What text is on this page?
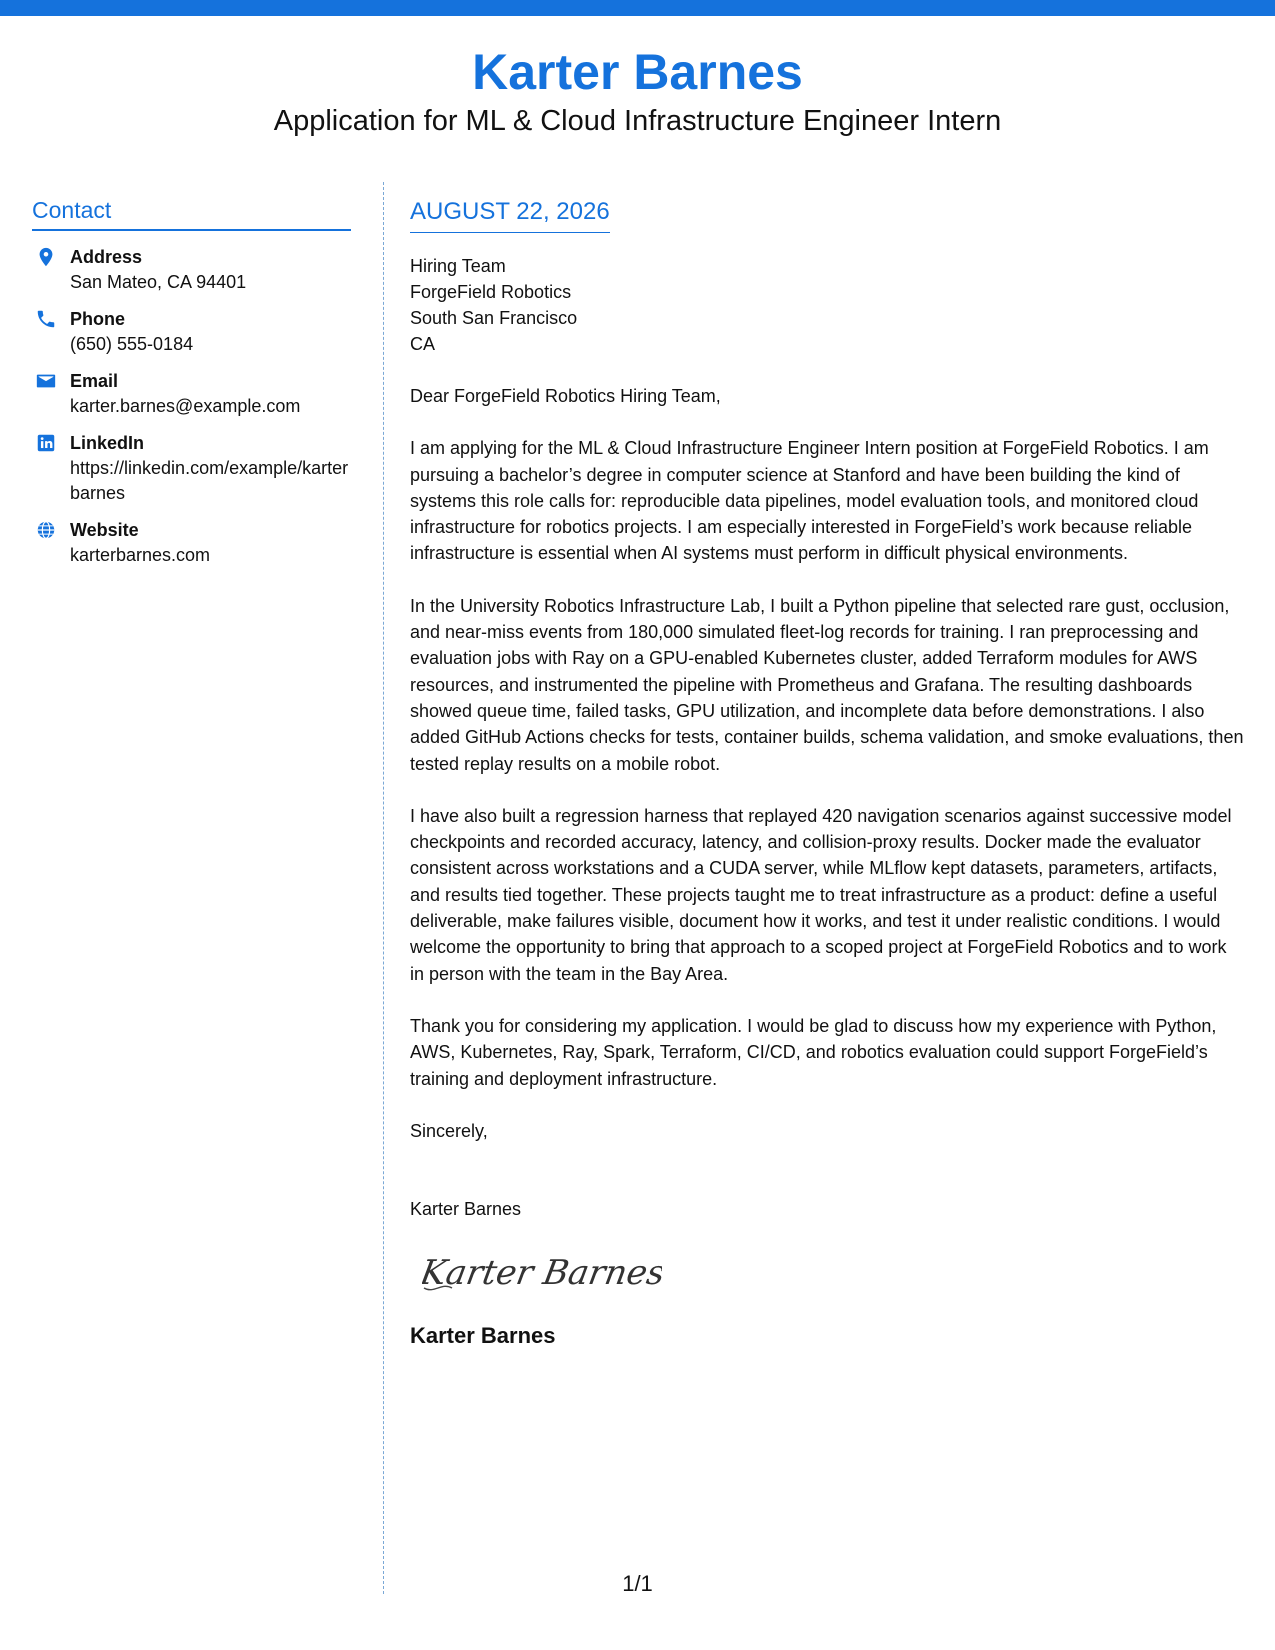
Karter Barnes
Application for ML & Cloud Infrastructure Engineer Intern
Contact
Address
San Mateo, CA 94401
Phone
(650) 555-0184
Email
karter.barnes@example.com
LinkedIn
https://linkedin.com/example/karterbarnes
Website
karterbarnes.com
AUGUST 22, 2026
Hiring Team
ForgeField Robotics
South San Francisco
CA
Dear ForgeField Robotics Hiring Team,
I am applying for the ML & Cloud Infrastructure Engineer Intern position at ForgeField Robotics. I am pursuing a bachelor’s degree in computer science at Stanford and have been building the kind of systems this role calls for: reproducible data pipelines, model evaluation tools, and monitored cloud infrastructure for robotics projects. I am especially interested in ForgeField’s work because reliable infrastructure is essential when AI systems must perform in difficult physical environments.
In the University Robotics Infrastructure Lab, I built a Python pipeline that selected rare gust, occlusion, and near-miss events from 180,000 simulated fleet-log records for training. I ran preprocessing and evaluation jobs with Ray on a GPU-enabled Kubernetes cluster, added Terraform modules for AWS resources, and instrumented the pipeline with Prometheus and Grafana. The resulting dashboards showed queue time, failed tasks, GPU utilization, and incomplete data before demonstrations. I also added GitHub Actions checks for tests, container builds, schema validation, and smoke evaluations, then tested replay results on a mobile robot.
I have also built a regression harness that replayed 420 navigation scenarios against successive model checkpoints and recorded accuracy, latency, and collision-proxy results. Docker made the evaluator consistent across workstations and a CUDA server, while MLflow kept datasets, parameters, artifacts, and results tied together. These projects taught me to treat infrastructure as a product: define a useful deliverable, make failures visible, document how it works, and test it under realistic conditions. I would welcome the opportunity to bring that approach to a scoped project at ForgeField Robotics and to work in person with the team in the Bay Area.
Thank you for considering my application. I would be glad to discuss how my experience with Python, AWS, Kubernetes, Ray, Spark, Terraform, CI/CD, and robotics evaluation could support ForgeField’s training and deployment infrastructure.
Sincerely,
Karter Barnes
Karter Barnes
Karter Barnes
1/1
